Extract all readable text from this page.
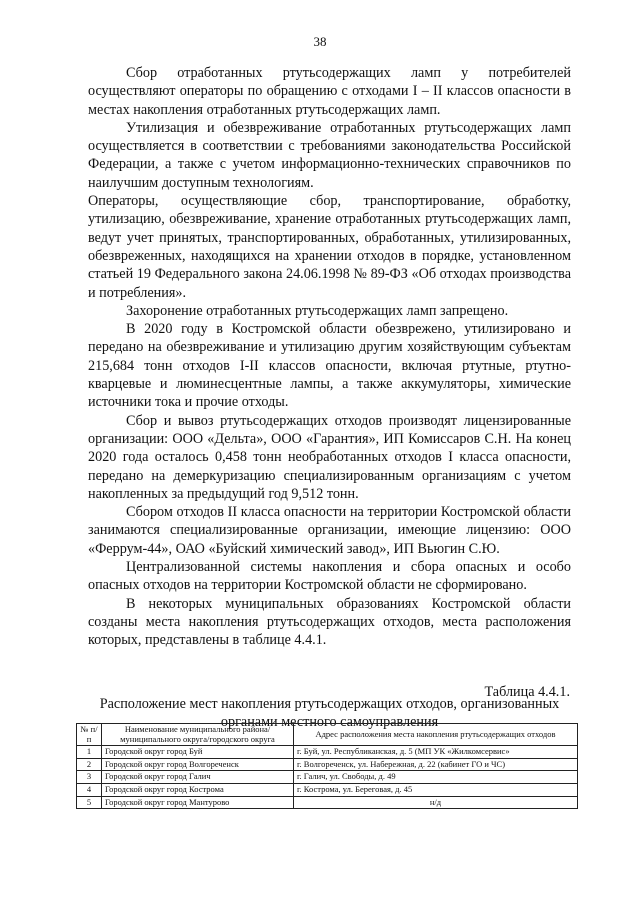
38

Сбор отработанных ртутьсодержащих ламп у потребителей осуществляют операторы по обращению с отходами I – II классов опасности в местах накопления отработанных ртутьсодержащих ламп.

Утилизация и обезвреживание отработанных ртутьсодержащих ламп осуществляется в соответствии с требованиями законодательства Российской Федерации, а также с учетом информационно-технических справочников по наилучшим доступным технологиям.

Операторы, осуществляющие сбор, транспортирование, обработку, утилизацию, обезвреживание, хранение отработанных ртутьсодержащих ламп, ведут учет принятых, транспортированных, обработанных, утилизированных, обезвреженных, находящихся на хранении отходов в порядке, установленном статьей 19 Федерального закона 24.06.1998 № 89-ФЗ «Об отходах производства и потребления».

Захоронение отработанных ртутьсодержащих ламп запрещено.

В 2020 году в Костромской области обезврежено, утилизировано и передано на обезвреживание и утилизацию другим хозяйствующим субъектам 215,684 тонн отходов I-II классов опасности, включая ртутные, ртутно-кварцевые и люминесцентные лампы, а также аккумуляторы, химические источники тока и прочие отходы.

Сбор и вывоз ртутьсодержащих отходов производят лицензированные организации: ООО «Дельта», ООО «Гарантия», ИП Комиссаров С.Н. На конец 2020 года осталось 0,458 тонн необработанных отходов I класса опасности, передано на демеркуризацию специализированным организациям с учетом накопленных за предыдущий год 9,512 тонн.

Сбором отходов II класса опасности на территории Костромской области занимаются специализированные организации, имеющие лицензию: ООО «Феррум-44», ОАО «Буйский химический завод», ИП Вьюгин С.Ю.

Централизованной системы накопления и сбора опасных и особо опасных отходов на территории Костромской области не сформировано.

В некоторых муниципальных образованиях Костромской области созданы места накопления ртутьсодержащих отходов, места расположения которых, представлены в таблице 4.4.1.

Таблица 4.4.1.
Расположение мест накопления ртутьсодержащих отходов, организованных органами местного самоуправления
№ п/п	Наименование муниципального района/муниципального округа/городского округа	Адрес расположения места накопления ртутьсодержащих отходов
1	Городской округ город Буй	г. Буй, ул. Республиканская, д. 5 (МП УК «Жилкомсервис»
2	Городской округ город Волгореченск	г. Волгореченск, ул. Набережная, д. 22 (кабинет ГО и ЧС)
3	Городской округ город Галич	г. Галич, ул. Свободы, д. 49
4	Городской округ город Кострома	г. Кострома, ул. Береговая, д. 45
5	Городской округ город Мантурово	н/д
